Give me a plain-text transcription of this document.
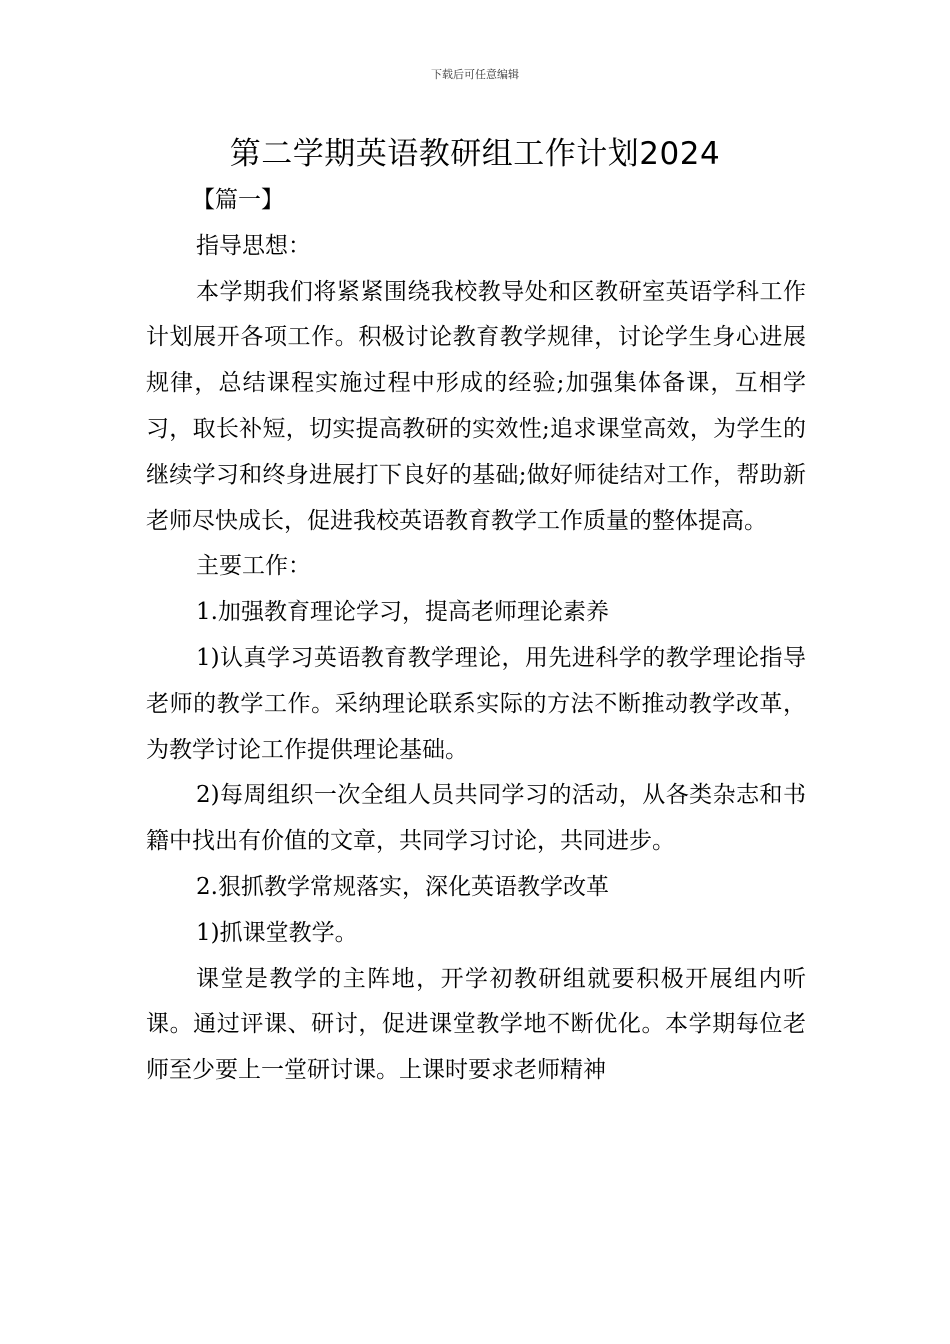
下载后可任意编辑
第二学期英语教研组工作计划2024

【篇一】

指导思想：

本学期我们将紧紧围绕我校教导处和区教研室英语学科工作计划展开各项工作。积极讨论教育教学规律，讨论学生身心进展规律，总结课程实施过程中形成的经验;加强集体备课，互相学习，取长补短，切实提高教研的实效性;追求课堂高效，为学生的继续学习和终身进展打下良好的基础;做好师徒结对工作，帮助新老师尽快成长，促进我校英语教育教学工作质量的整体提高。

主要工作：

1.加强教育理论学习，提高老师理论素养

1)认真学习英语教育教学理论，用先进科学的教学理论指导老师的教学工作。采纳理论联系实际的方法不断推动教学改革，为教学讨论工作提供理论基础。

2)每周组织一次全组人员共同学习的活动，从各类杂志和书籍中找出有价值的文章，共同学习讨论，共同进步。

2.狠抓教学常规落实，深化英语教学改革

1)抓课堂教学。

课堂是教学的主阵地，开学初教研组就要积极开展组内听课。通过评课、研讨，促进课堂教学地不断优化。本学期每位老师至少要上一堂研讨课。上课时要求老师精神
